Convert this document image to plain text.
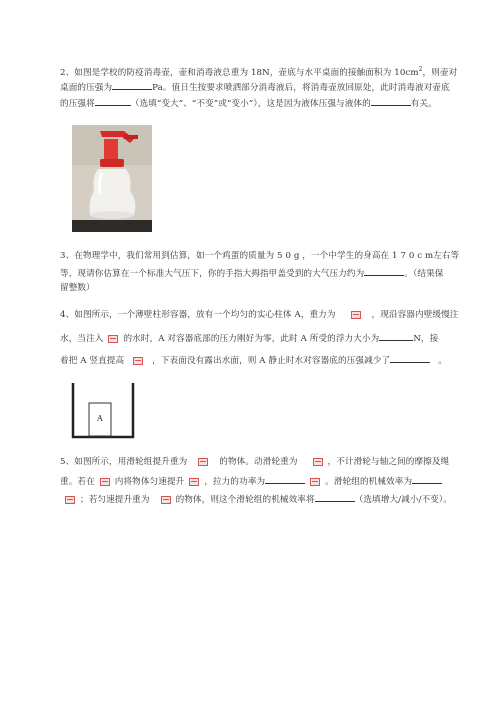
2、如图是学校的防疫消毒壶，壶和消毒液总重为 18N，壶底与水平桌面的接触面积为 $10cm^2$，则壶对
桌面的压强为	Pa。值日生按要求喷洒部分消毒液后，将消毒壶放回原处，此时消毒液对壶底
的压强将	（选填“变大”、“不变”或“变小”），这是因为液体压强与液体的	有关。
3、在物理学中，我们常用到估算，如一个鸡蛋的质量为 5 0 g ，一个中学生的身高在 1 7 0 c m左右等
等，现请你估算在一个标准大气压下，你的手指大拇指甲盖受到的大气压力约为	。（结果保
留整数）
4、如图所示，一个薄壁柱形容器，放有一个均匀的实心柱体 A，重力为	，现沿容器内壁缓慢注
水，当注入 的水时，A 对容器底部的压力刚好为零，此时 A 所受的浮力大小为	N，接
着把 A 竖直提高	，下表面没有露出水面，则 A 静止时水对容器底的压强减少了	。
A
5、如图所示，用滑轮组提升重为	的物体。动滑轮重为	，不计滑轮与轴之间的摩擦及绳
重。若在 内将物体匀速提升 ，拉力的功率为	。滑轮组的机械效率为
；若匀速提升重为	的物体，则这个滑轮组的机械效率将	（选填增大/减小/不变）。
